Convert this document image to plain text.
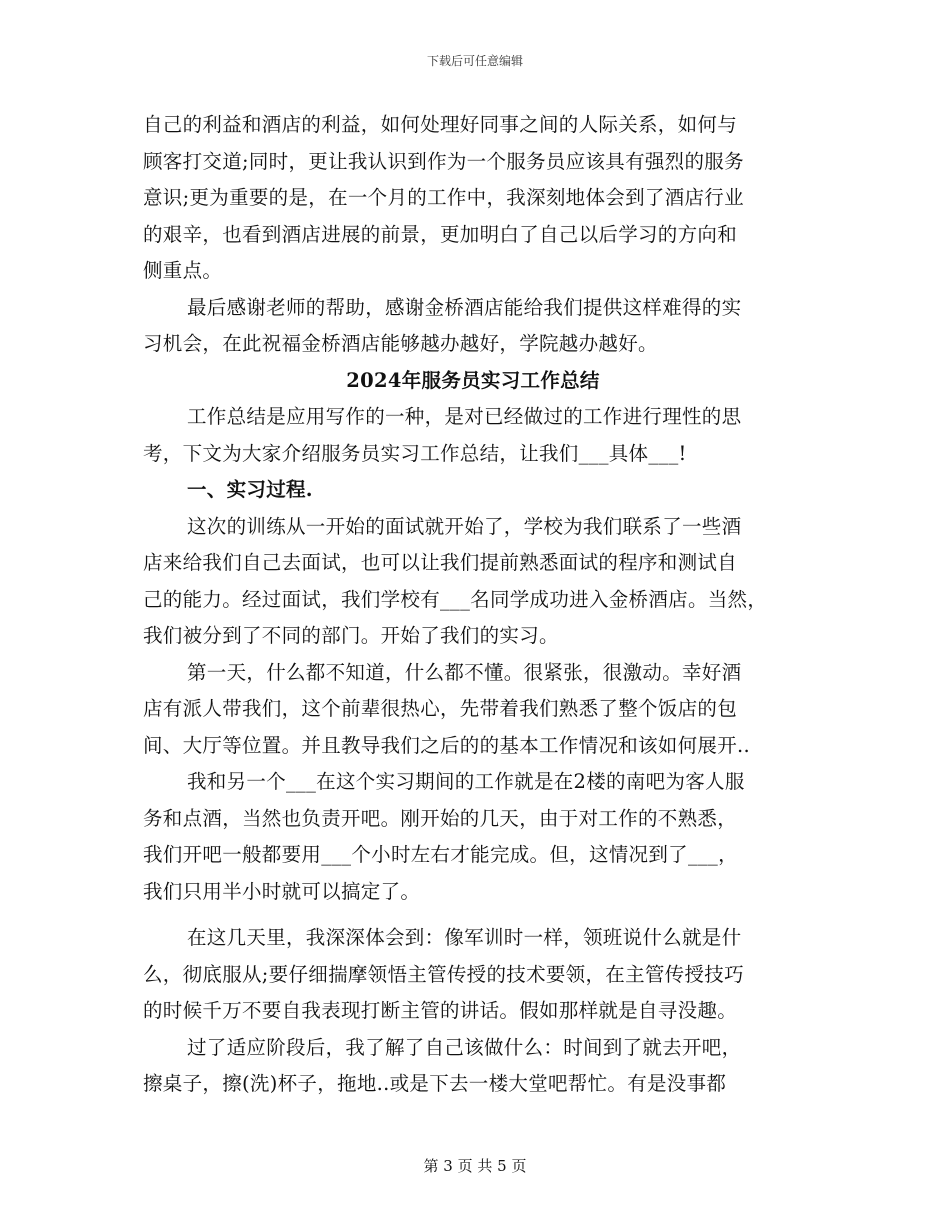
下载后可任意编辑
自己的利益和酒店的利益，如何处理好同事之间的人际关系，如何与
顾客打交道;同时，更让我认识到作为一个服务员应该具有强烈的服务
意识;更为重要的是，在一个月的工作中，我深刻地体会到了酒店行业
的艰辛，也看到酒店进展的前景，更加明白了自己以后学习的方向和
侧重点。
最后感谢老师的帮助，感谢金桥酒店能给我们提供这样难得的实
习机会，在此祝福金桥酒店能够越办越好，学院越办越好。
2024年服务员实习工作总结
工作总结是应用写作的一种，是对已经做过的工作进行理性的思
考，下文为大家介绍服务员实习工作总结，让我们___具体___!
一、实习过程.
这次的训练从一开始的面试就开始了，学校为我们联系了一些酒
店来给我们自己去面试，也可以让我们提前熟悉面试的程序和测试自
己的能力。经过面试，我们学校有___名同学成功进入金桥酒店。当然，
我们被分到了不同的部门。开始了我们的实习。
第一天，什么都不知道，什么都不懂。很紧张，很激动。幸好酒
店有派人带我们，这个前辈很热心，先带着我们熟悉了整个饭店的包
间、大厅等位置。并且教导我们之后的的基本工作情况和该如何展开..
我和另一个___在这个实习期间的工作就是在2楼的南吧为客人服
务和点酒，当然也负责开吧。刚开始的几天，由于对工作的不熟悉，
我们开吧一般都要用___个小时左右才能完成。但，这情况到了___，
我们只用半小时就可以搞定了。
在这几天里，我深深体会到：像军训时一样，领班说什么就是什
么，彻底服从;要仔细揣摩领悟主管传授的技术要领，在主管传授技巧
的时候千万不要自我表现打断主管的讲话。假如那样就是自寻没趣。
过了适应阶段后，我了解了自己该做什么：时间到了就去开吧，
擦桌子，擦(洗)杯子，拖地..或是下去一楼大堂吧帮忙。有是没事都
第 3 页 共 5 页
